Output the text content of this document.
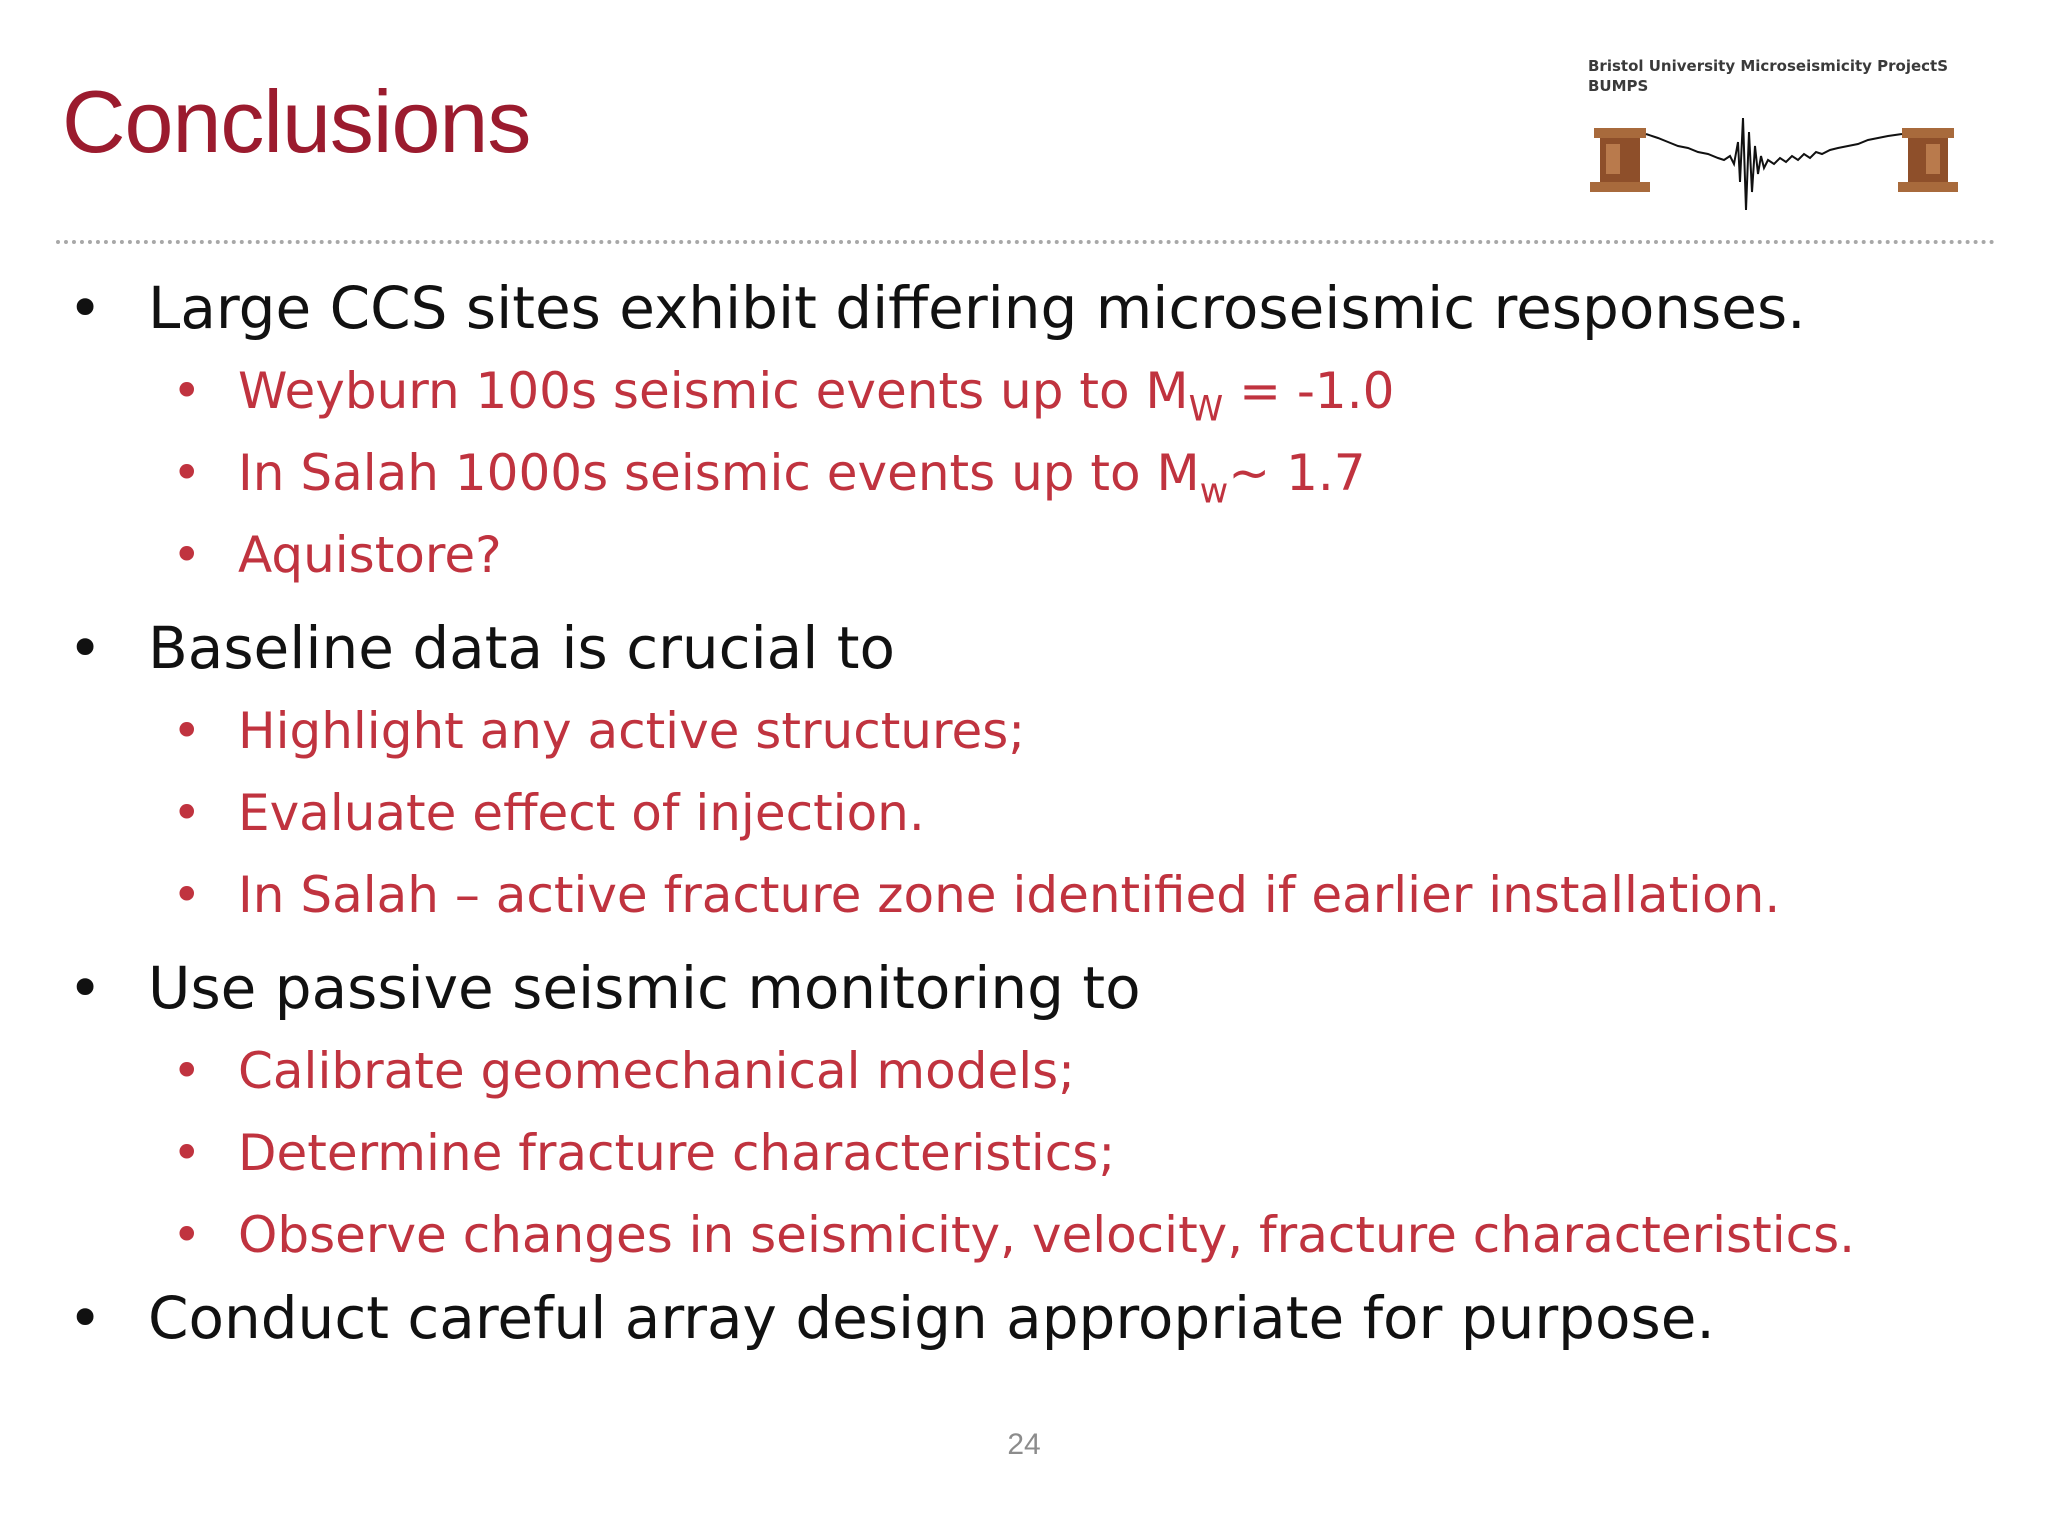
Conclusions
Bristol University Microseismicity ProjectS
BUMPS
• Large CCS sites exhibit differing microseismic responses.
• Weyburn 100s seismic events up to $M_W = -1.0$
• In Salah 1000s seismic events up to $M_w\sim$ 1.7
• Aquistore?
• Baseline data is crucial to
• Highlight any active structures;
• Evaluate effect of injection.
• In Salah – active fracture zone identified if earlier installation.
• Use passive seismic monitoring to
• Calibrate geomechanical models;
• Determine fracture characteristics;
• Observe changes in seismicity, velocity, fracture characteristics.
• Conduct careful array design appropriate for purpose.
24
